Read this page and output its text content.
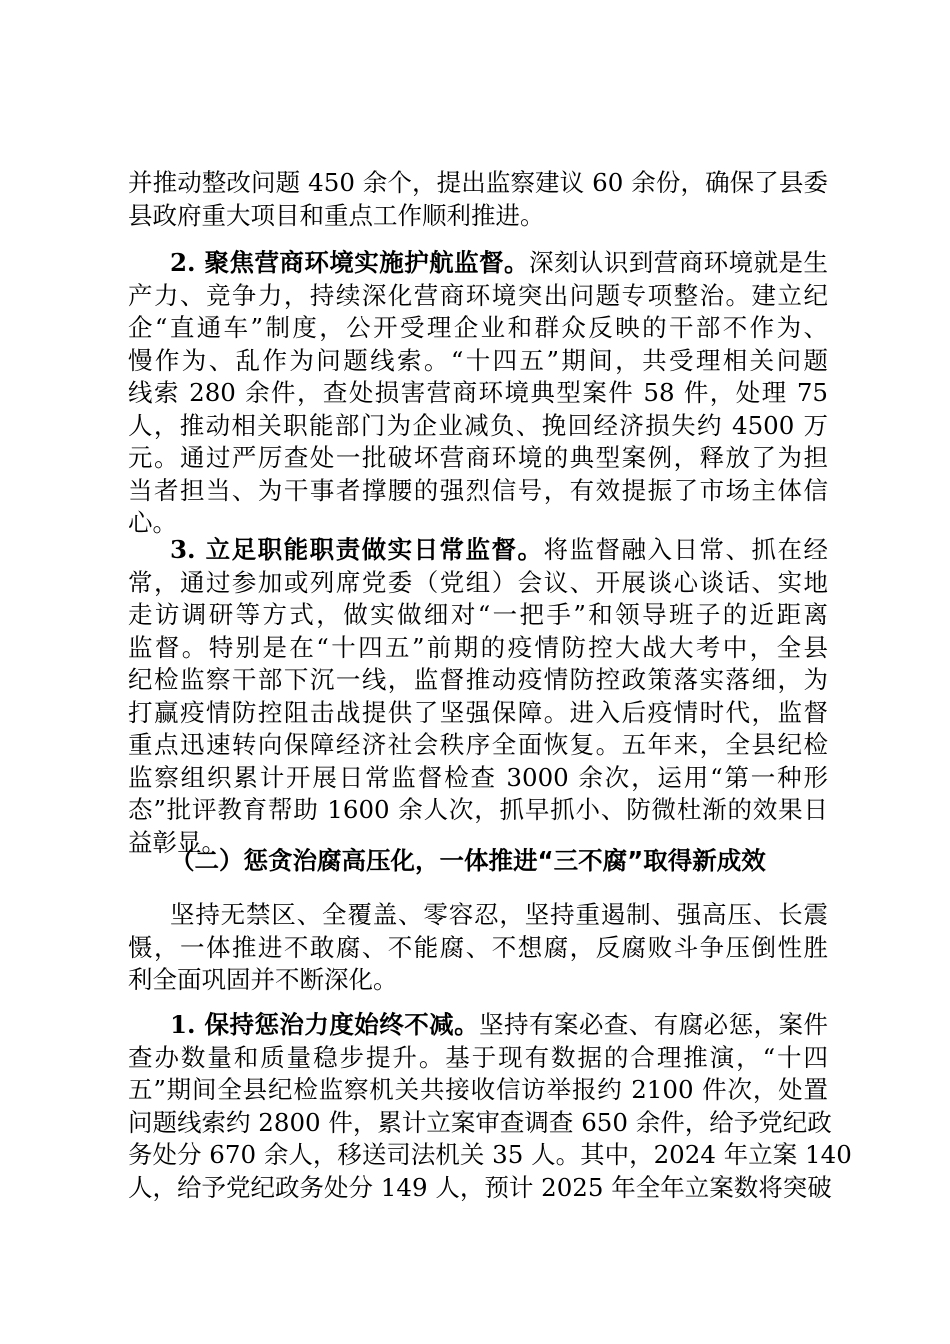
并推动整改问题 450 余个，提出监察建议 60 余份，确保了县委
县政府重大项目和重点工作顺利推进。
2. 聚焦营商环境实施护航监督。深刻认识到营商环境就是生
产力、竞争力，持续深化营商环境突出问题专项整治。建立纪
企“直通车”制度，公开受理企业和群众反映的干部不作为、
慢作为、乱作为问题线索。“十四五”期间，共受理相关问题
线索 280 余件，查处损害营商环境典型案件 58 件，处理 75
人，推动相关职能部门为企业减负、挽回经济损失约 4500 万
元。通过严厉查处一批破坏营商环境的典型案例，释放了为担
当者担当、为干事者撑腰的强烈信号，有效提振了市场主体信
心。
3. 立足职能职责做实日常监督。将监督融入日常、抓在经
常，通过参加或列席党委（党组）会议、开展谈心谈话、实地
走访调研等方式，做实做细对“一把手”和领导班子的近距离
监督。特别是在“十四五”前期的疫情防控大战大考中，全县
纪检监察干部下沉一线，监督推动疫情防控政策落实落细，为
打赢疫情防控阻击战提供了坚强保障。进入后疫情时代，监督
重点迅速转向保障经济社会秩序全面恢复。五年来，全县纪检
监察组织累计开展日常监督检查 3000 余次，运用“第一种形
态”批评教育帮助 1600 余人次，抓早抓小、防微杜渐的效果日
益彰显。
（二）惩贪治腐高压化，一体推进“三不腐”取得新成效
坚持无禁区、全覆盖、零容忍，坚持重遏制、强高压、长震
慑，一体推进不敢腐、不能腐、不想腐，反腐败斗争压倒性胜
利全面巩固并不断深化。
1. 保持惩治力度始终不减。坚持有案必查、有腐必惩，案件
查办数量和质量稳步提升。基于现有数据的合理推演，“十四
五”期间全县纪检监察机关共接收信访举报约 2100 件次，处置
问题线索约 2800 件，累计立案审查调查 650 余件，给予党纪政
务处分 670 余人，移送司法机关 35 人。其中，2024 年立案 140
人，给予党纪政务处分 149 人，预计 2025 年全年立案数将突破
